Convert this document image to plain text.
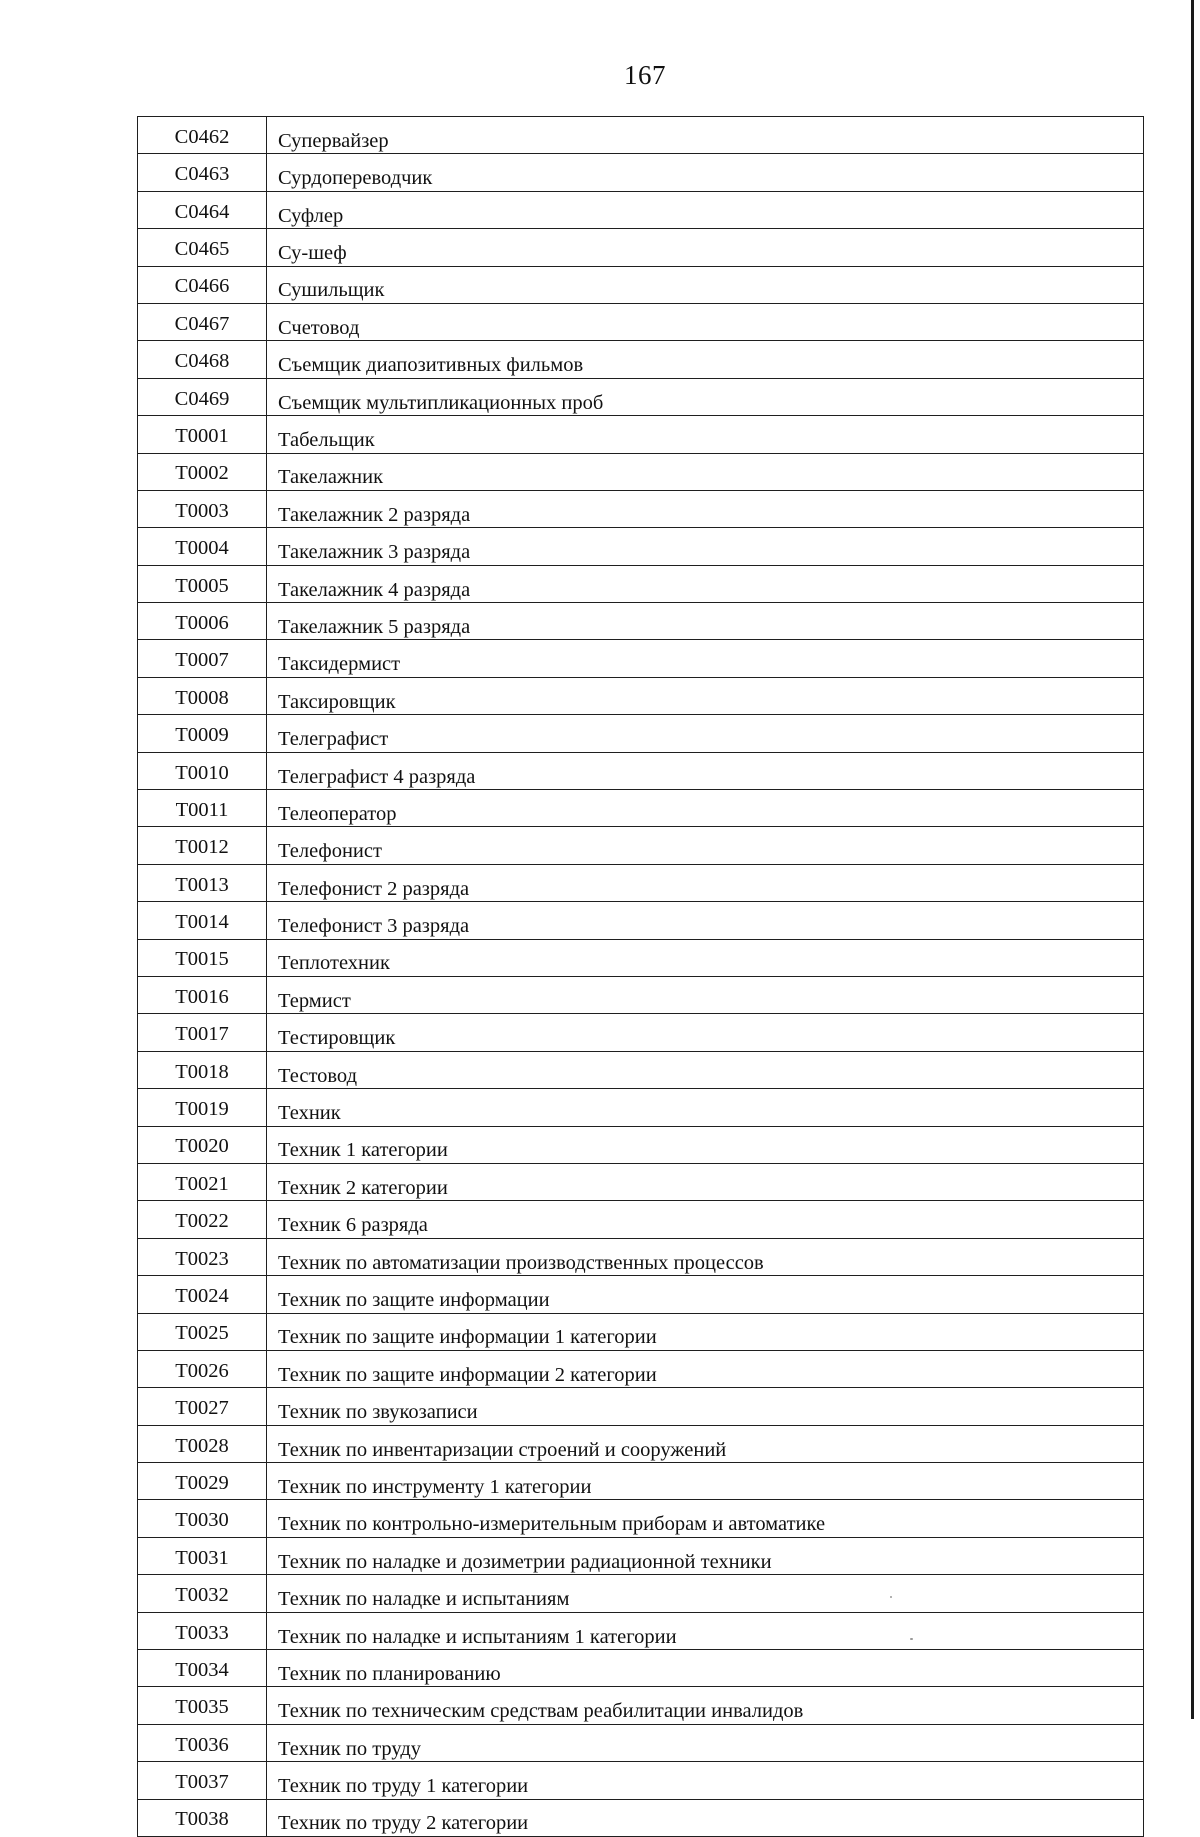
167
C0462	Супервайзер
C0463	Сурдопереводчик
C0464	Суфлер
C0465	Су-шеф
C0466	Сушильщик
C0467	Счетовод
C0468	Съемщик диапозитивных фильмов
C0469	Съемщик мультипликационных проб
T0001	Табельщик
T0002	Такелажник
T0003	Такелажник 2 разряда
T0004	Такелажник 3 разряда
T0005	Такелажник 4 разряда
T0006	Такелажник 5 разряда
T0007	Таксидермист
T0008	Таксировщик
T0009	Телеграфист
T0010	Телеграфист 4 разряда
T0011	Телеоператор
T0012	Телефонист
T0013	Телефонист 2 разряда
T0014	Телефонист 3 разряда
T0015	Теплотехник
T0016	Термист
T0017	Тестировщик
T0018	Тестовод
T0019	Техник
T0020	Техник 1 категории
T0021	Техник 2 категории
T0022	Техник 6 разряда
T0023	Техник по автоматизации производственных процессов
T0024	Техник по защите информации
T0025	Техник по защите информации 1 категории
T0026	Техник по защите информации 2 категории
T0027	Техник по звукозаписи
T0028	Техник по инвентаризации строений и сооружений
T0029	Техник по инструменту 1 категории
T0030	Техник по контрольно-измерительным приборам и автоматике
T0031	Техник по наладке и дозиметрии радиационной техники
T0032	Техник по наладке и испытаниям
T0033	Техник по наладке и испытаниям 1 категории
T0034	Техник по планированию
T0035	Техник по техническим средствам реабилитации инвалидов
T0036	Техник по труду
T0037	Техник по труду 1 категории
T0038	Техник по труду 2 категории
